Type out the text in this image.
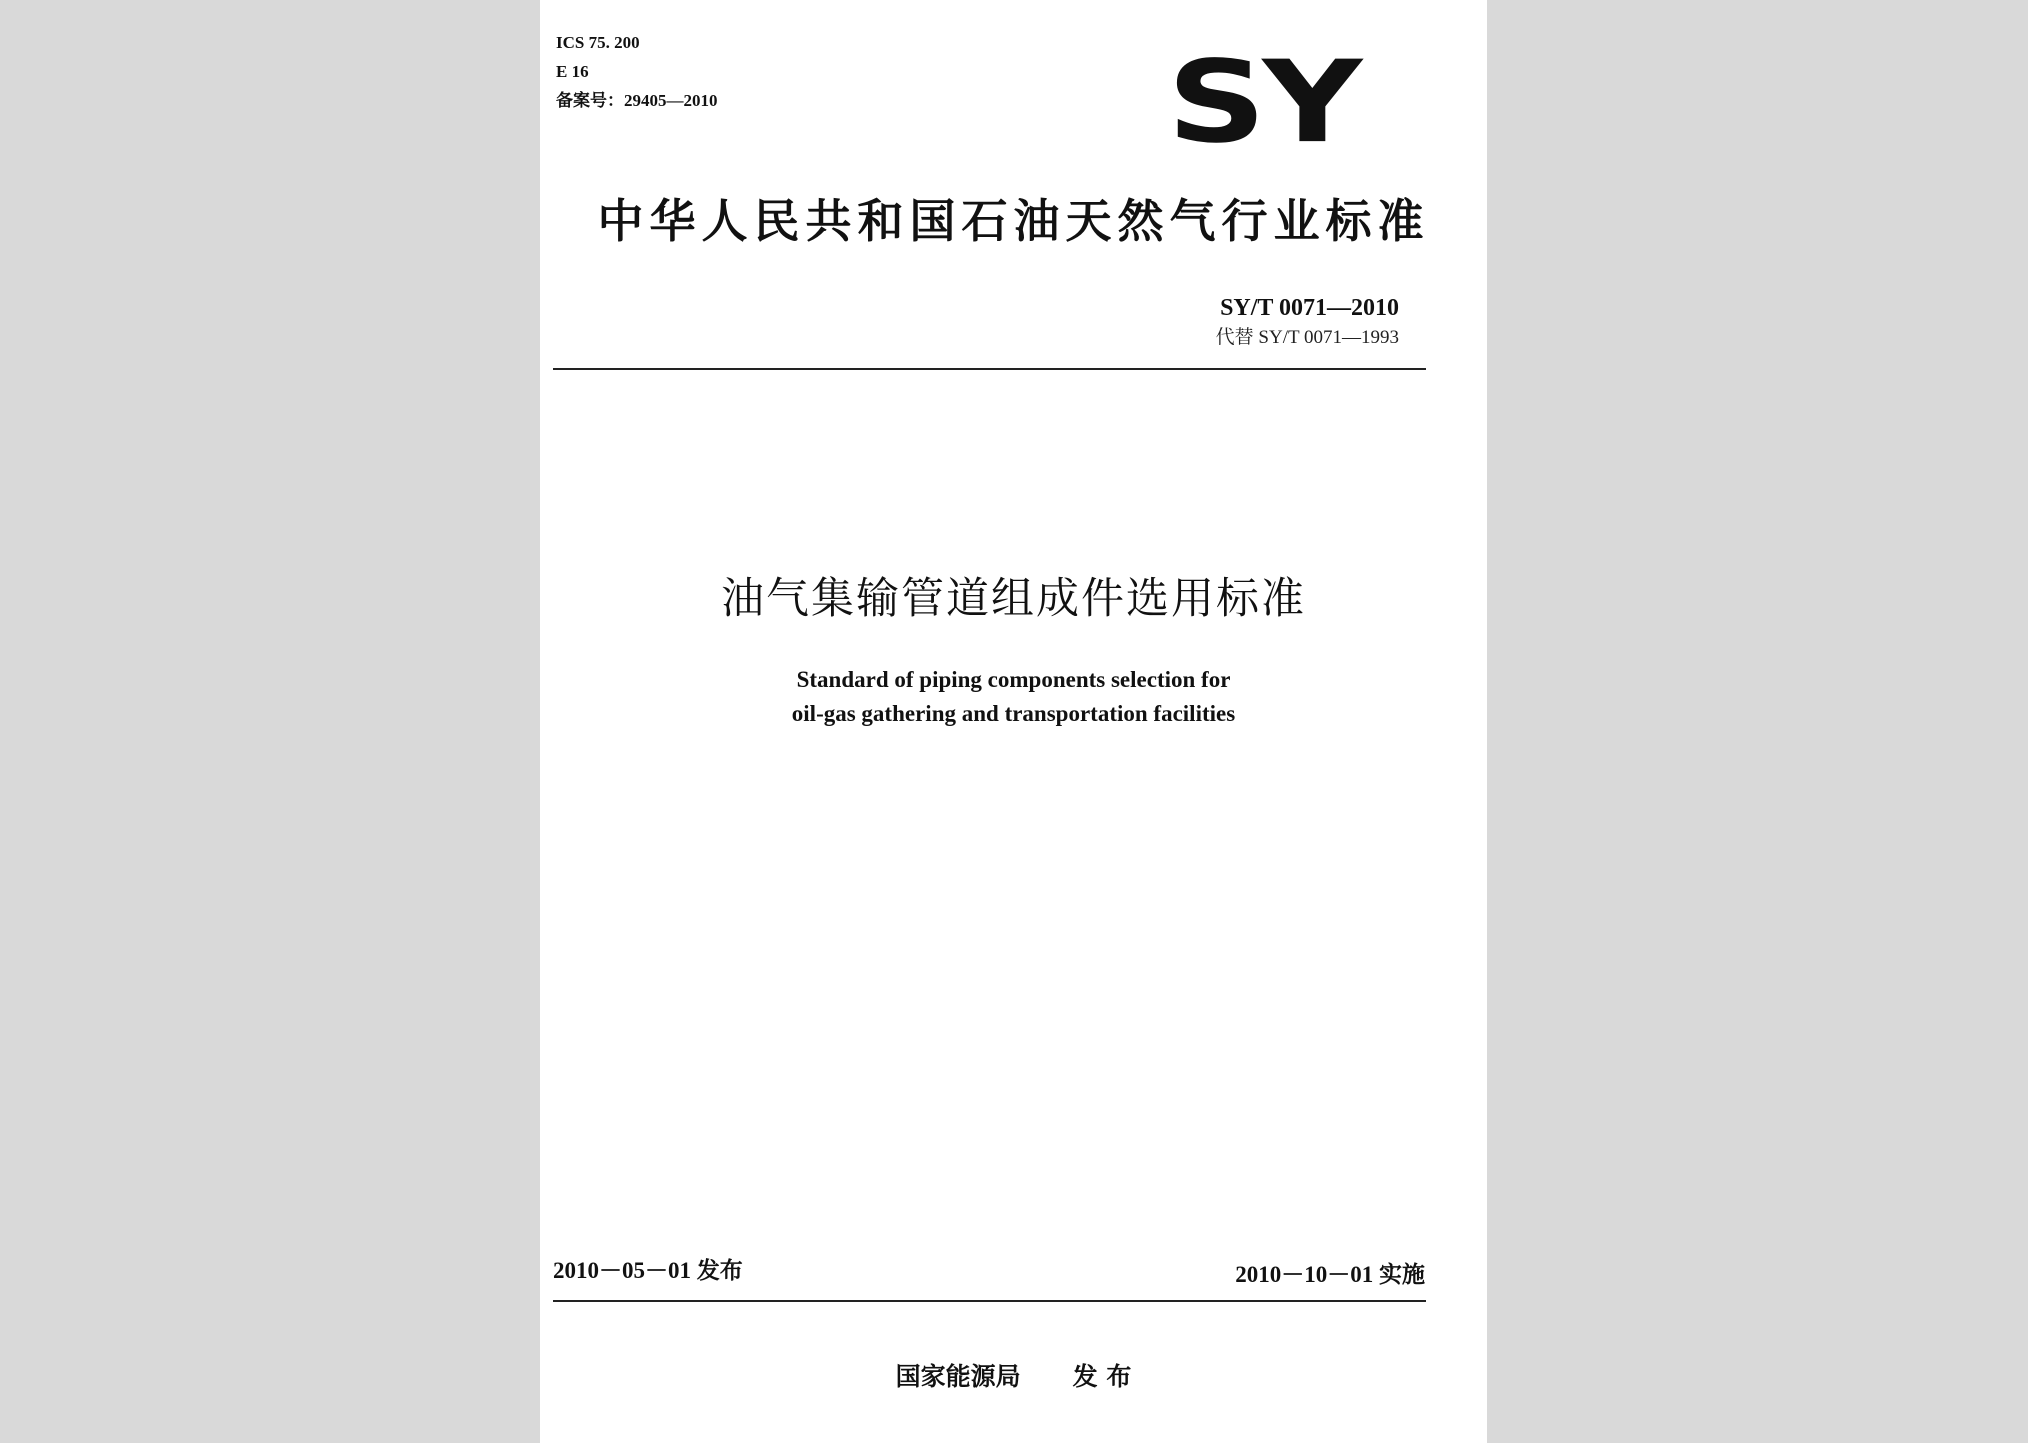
ICS 75. 200
E 16
备案号：29405—2010	SY
中华人民共和国石油天然气行业标准
SY/T 0071—2010
代替 SY/T 0071—1993
油气集输管道组成件选用标准
Standard of piping components selection for
oil-gas gathering and transportation facilities
2010－05－01 发布	2010－10－01 实施
国家能源局 发 布
